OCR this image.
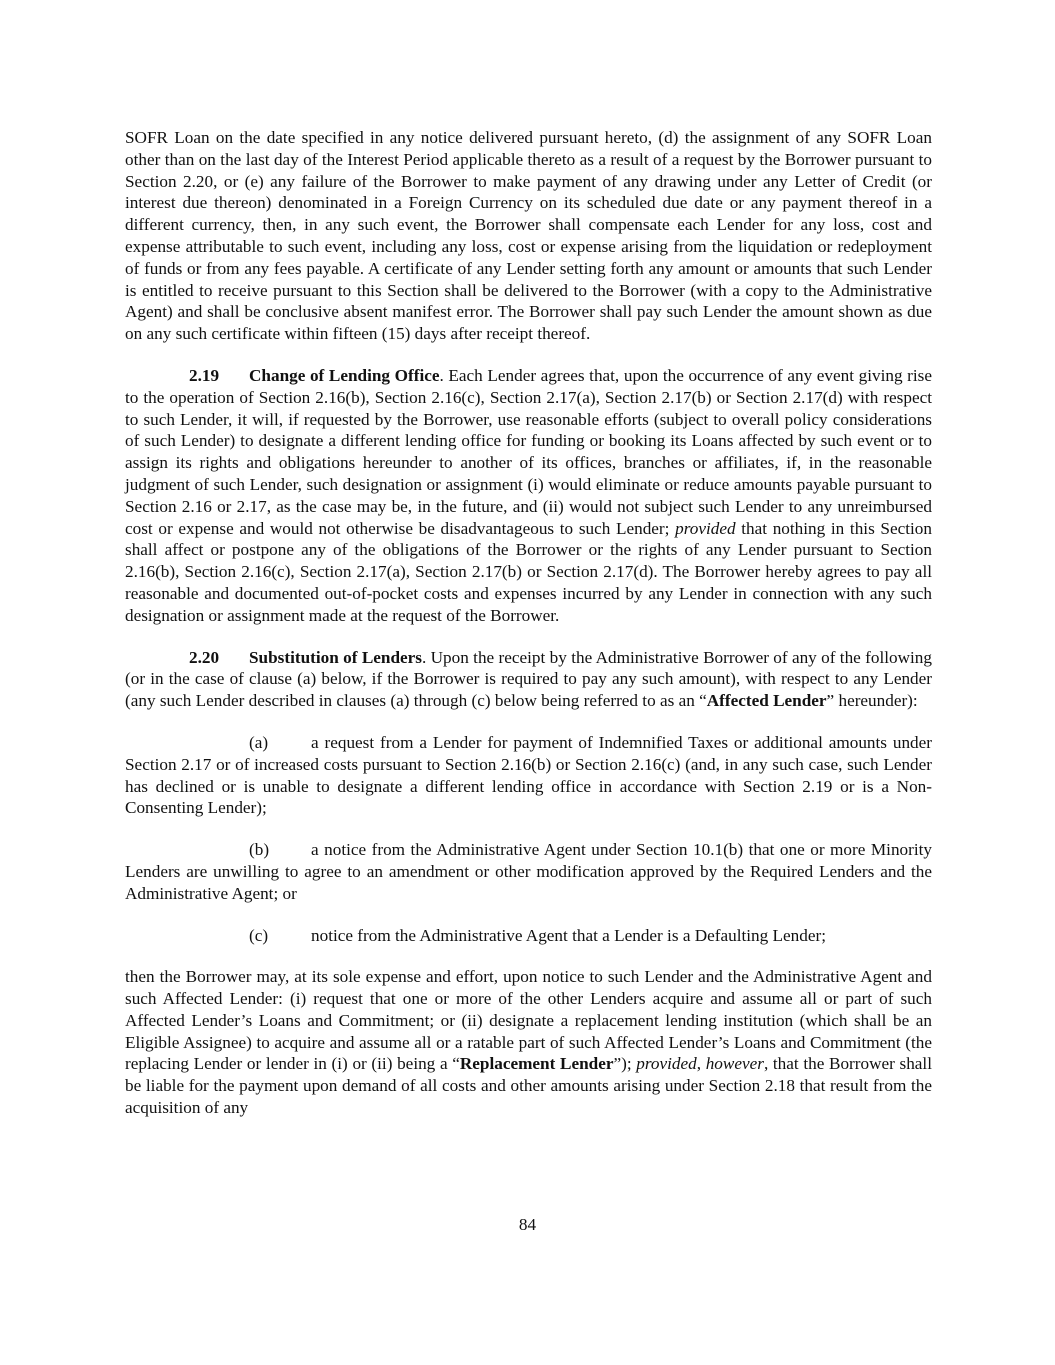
SOFR Loan on the date specified in any notice delivered pursuant hereto, (d) the assignment of any SOFR Loan other than on the last day of the Interest Period applicable thereto as a result of a request by the Borrower pursuant to Section 2.20, or (e) any failure of the Borrower to make payment of any drawing under any Letter of Credit (or interest due thereon) denominated in a Foreign Currency on its scheduled due date or any payment thereof in a different currency, then, in any such event, the Borrower shall compensate each Lender for any loss, cost and expense attributable to such event, including any loss, cost or expense arising from the liquidation or redeployment of funds or from any fees payable. A certificate of any Lender setting forth any amount or amounts that such Lender is entitled to receive pursuant to this Section shall be delivered to the Borrower (with a copy to the Administrative Agent) and shall be conclusive absent manifest error. The Borrower shall pay such Lender the amount shown as due on any such certificate within fifteen (15) days after receipt thereof.

2.19 Change of Lending Office. Each Lender agrees that, upon the occurrence of any event giving rise to the operation of Section 2.16(b), Section 2.16(c), Section 2.17(a), Section 2.17(b) or Section 2.17(d) with respect to such Lender, it will, if requested by the Borrower, use reasonable efforts (subject to overall policy considerations of such Lender) to designate a different lending office for funding or booking its Loans affected by such event or to assign its rights and obligations hereunder to another of its offices, branches or affiliates, if, in the reasonable judgment of such Lender, such designation or assignment (i) would eliminate or reduce amounts payable pursuant to Section 2.16 or 2.17, as the case may be, in the future, and (ii) would not subject such Lender to any unreimbursed cost or expense and would not otherwise be disadvantageous to such Lender; provided that nothing in this Section shall affect or postpone any of the obligations of the Borrower or the rights of any Lender pursuant to Section 2.16(b), Section 2.16(c), Section 2.17(a), Section 2.17(b) or Section 2.17(d). The Borrower hereby agrees to pay all reasonable and documented out-of-pocket costs and expenses incurred by any Lender in connection with any such designation or assignment made at the request of the Borrower.

2.20 Substitution of Lenders. Upon the receipt by the Administrative Borrower of any of the following (or in the case of clause (a) below, if the Borrower is required to pay any such amount), with respect to any Lender (any such Lender described in clauses (a) through (c) below being referred to as an “Affected Lender” hereunder):

(a) a request from a Lender for payment of Indemnified Taxes or additional amounts under Section 2.17 or of increased costs pursuant to Section 2.16(b) or Section 2.16(c) (and, in any such case, such Lender has declined or is unable to designate a different lending office in accordance with Section 2.19 or is a Non-Consenting Lender);

(b) a notice from the Administrative Agent under Section 10.1(b) that one or more Minority Lenders are unwilling to agree to an amendment or other modification approved by the Required Lenders and the Administrative Agent; or

(c) notice from the Administrative Agent that a Lender is a Defaulting Lender;

then the Borrower may, at its sole expense and effort, upon notice to such Lender and the Administrative Agent and such Affected Lender: (i) request that one or more of the other Lenders acquire and assume all or part of such Affected Lender’s Loans and Commitment; or (ii) designate a replacement lending institution (which shall be an Eligible Assignee) to acquire and assume all or a ratable part of such Affected Lender’s Loans and Commitment (the replacing Lender or lender in (i) or (ii) being a “Replacement Lender”); provided, however, that the Borrower shall be liable for the payment upon demand of all costs and other amounts arising under Section 2.18 that result from the acquisition of any

84
